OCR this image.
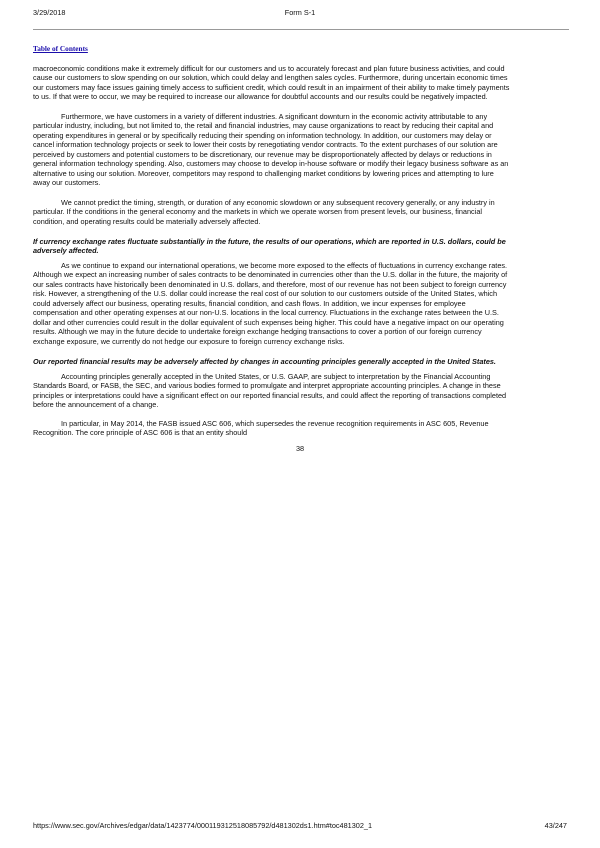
3/29/2018	Form S-1
Table of Contents
macroeconomic conditions make it extremely difficult for our customers and us to accurately forecast and plan future business activities, and could
cause our customers to slow spending on our solution, which could delay and lengthen sales cycles. Furthermore, during uncertain economic times
our customers may face issues gaining timely access to sufficient credit, which could result in an impairment of their ability to make timely payments
to us. If that were to occur, we may be required to increase our allowance for doubtful accounts and our results could be negatively impacted.
Furthermore, we have customers in a variety of different industries. A significant downturn in the economic activity attributable to any
particular industry, including, but not limited to, the retail and financial industries, may cause organizations to react by reducing their capital and
operating expenditures in general or by specifically reducing their spending on information technology. In addition, our customers may delay or
cancel information technology projects or seek to lower their costs by renegotiating vendor contracts. To the extent purchases of our solution are
perceived by customers and potential customers to be discretionary, our revenue may be disproportionately affected by delays or reductions in
general information technology spending. Also, customers may choose to develop in-house software or modify their legacy business software as an
alternative to using our solution. Moreover, competitors may respond to challenging market conditions by lowering prices and attempting to lure
away our customers.
We cannot predict the timing, strength, or duration of any economic slowdown or any subsequent recovery generally, or any industry in
particular. If the conditions in the general economy and the markets in which we operate worsen from present levels, our business, financial
condition, and operating results could be materially adversely affected.
If currency exchange rates fluctuate substantially in the future, the results of our operations, which are reported in U.S. dollars, could be
adversely affected.
As we continue to expand our international operations, we become more exposed to the effects of fluctuations in currency exchange rates.
Although we expect an increasing number of sales contracts to be denominated in currencies other than the U.S. dollar in the future, the majority of
our sales contracts have historically been denominated in U.S. dollars, and therefore, most of our revenue has not been subject to foreign currency
risk. However, a strengthening of the U.S. dollar could increase the real cost of our solution to our customers outside of the United States, which
could adversely affect our business, operating results, financial condition, and cash flows. In addition, we incur expenses for employee
compensation and other operating expenses at our non-U.S. locations in the local currency. Fluctuations in the exchange rates between the U.S.
dollar and other currencies could result in the dollar equivalent of such expenses being higher. This could have a negative impact on our operating
results. Although we may in the future decide to undertake foreign exchange hedging transactions to cover a portion of our foreign currency
exchange exposure, we currently do not hedge our exposure to foreign currency exchange risks.
Our reported financial results may be adversely affected by changes in accounting principles generally accepted in the United States.
Accounting principles generally accepted in the United States, or U.S. GAAP, are subject to interpretation by the Financial Accounting
Standards Board, or FASB, the SEC, and various bodies formed to promulgate and interpret appropriate accounting principles. A change in these
principles or interpretations could have a significant effect on our reported financial results, and could affect the reporting of transactions completed
before the announcement of a change.
In particular, in May 2014, the FASB issued ASC 606, which supersedes the revenue recognition requirements in ASC 605, Revenue
Recognition. The core principle of ASC 606 is that an entity should
38
https://www.sec.gov/Archives/edgar/data/1423774/000119312518085792/d481302ds1.htm#toc481302_1	43/247
